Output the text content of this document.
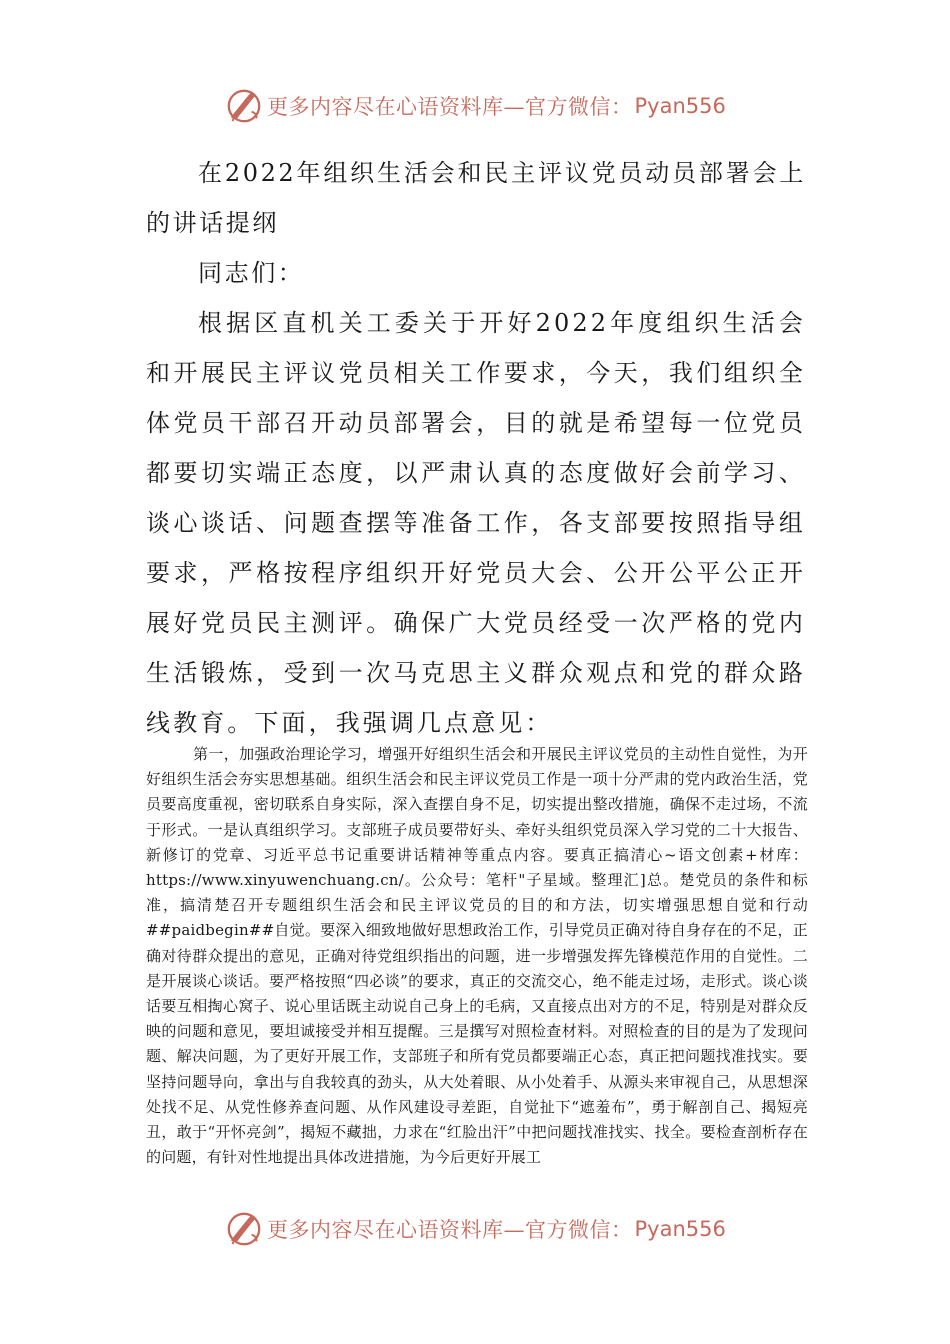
更多内容尽在心语资料库—官方微信： Pyan556

在2022年组织生活会和民主评议党员动员部署会上的讲话提纲

同志们：

根据区直机关工委关于开好2022年度组织生活会和开展民主评议党员相关工作要求，今天，我们组织全体党员干部召开动员部署会，目的就是希望每一位党员都要切实端正态度，以严肃认真的态度做好会前学习、谈心谈话、问题查摆等准备工作，各支部要按照指导组要求，严格按程序组织开好党员大会、公开公平公正开展好党员民主测评。确保广大党员经受一次严格的党内生活锻炼，受到一次马克思主义群众观点和党的群众路线教育。下面，我强调几点意见：

第一，加强政治理论学习，增强开好组织生活会和开展民主评议党员的主动性自觉性，为开好组织生活会夯实思想基础。组织生活会和民主评议党员工作是一项十分严肃的党内政治生活，党员要高度重视，密切联系自身实际，深入查摆自身不足，切实提出整改措施，确保不走过场，不流于形式。一是认真组织学习。支部班子成员要带好头、牵好头组织党员深入学习党的二十大报告、新修订的党章、习近平总书记重要讲话精神等重点内容。要真正搞清心~语文创素+材库：https://www.xinyuwenchuang.cn/。公众号：笔杆"子星域。整理汇]总。楚党员的条件和标准，搞清楚召开专题组织生活会和民主评议党员的目的和方法，切实增强思想自觉和行动##paidbegin##自觉。要深入细致地做好思想政治工作，引导党员正确对待自身存在的不足，正确对待群众提出的意见，正确对待党组织指出的问题，进一步增强发挥先锋模范作用的自觉性。二是开展谈心谈话。要严格按照“四必谈”的要求，真正的交流交心，绝不能走过场，走形式。谈心谈话要互相掏心窝子、说心里话既主动说自己身上的毛病，又直接点出对方的不足，特别是对群众反映的问题和意见，要坦诚接受并相互提醒。三是撰写对照检查材料。对照检查的目的是为了发现问题、解决问题，为了更好开展工作，支部班子和所有党员都要端正心态，真正把问题找准找实。要坚持问题导向，拿出与自我较真的劲头，从大处着眼、从小处着手、从源头来审视自己，从思想深处找不足、从党性修养查问题、从作风建设寻差距，自觉扯下“遮羞布”，勇于解剖自己、揭短亮丑，敢于“开怀亮剑”，揭短不藏拙，力求在“红脸出汗”中把问题找准找实、找全。要检查剖析存在的问题，有针对性地提出具体改进措施，为今后更好开展工

更多内容尽在心语资料库—官方微信： Pyan556
